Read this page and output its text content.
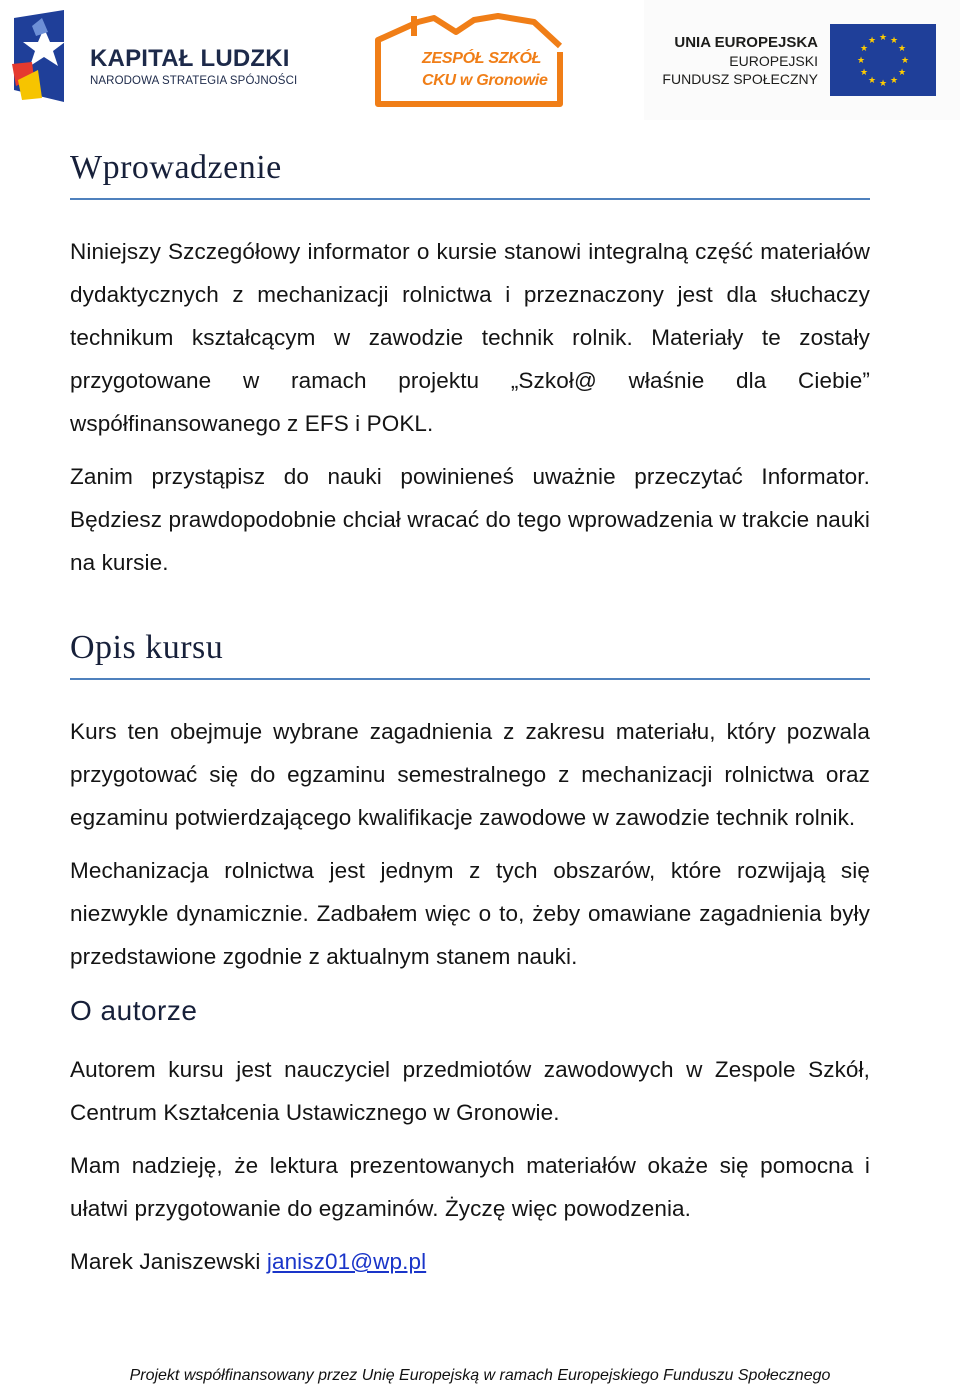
KAPITAŁ LUDZKI
NARODOWA STRATEGIA SPÓJNOŚCI
ZESPÓŁ SZKÓŁ
CKU w Gronowie
UNIA EUROPEJSKA
EUROPEJSKI
FUNDUSZ SPOŁECZNY
★ ★
★
★
★
★
★
★
★
★
★
★
Wprowadzenie

Niniejszy Szczegółowy informator o kursie stanowi integralną część materiałów dydaktycznych z mechanizacji rolnictwa i przeznaczony jest dla słuchaczy technikum kształcącym w zawodzie technik rolnik. Materiały te zostały przygotowane w ramach projektu „Szkoł@ właśnie dla Ciebie” współfinansowanego z EFS i POKL.

Zanim przystąpisz do nauki powinieneś uważnie przeczytać Informator. Będziesz prawdopodobnie chciał wracać do tego wprowadzenia w trakcie nauki na kursie.

Opis kursu

Kurs ten obejmuje wybrane zagadnienia z zakresu materiału, który pozwala przygotować się do egzaminu semestralnego z mechanizacji rolnictwa oraz egzaminu potwierdzającego kwalifikacje zawodowe w zawodzie technik rolnik.

Mechanizacja rolnictwa jest jednym z tych obszarów, które rozwijają się niezwykle dynamicznie. Zadbałem więc o to, żeby omawiane zagadnienia były przedstawione zgodnie z aktualnym stanem nauki.

O autorze

Autorem kursu jest nauczyciel przedmiotów zawodowych w Zespole Szkół, Centrum Kształcenia Ustawicznego w Gronowie.

Mam nadzieję, że lektura prezentowanych materiałów okaże się pomocna i ułatwi przygotowanie do egzaminów. Życzę więc powodzenia.

Marek Janiszewski janisz01@wp.pl

Projekt współfinansowany przez Unię Europejską w ramach Europejskiego Funduszu Społecznego
